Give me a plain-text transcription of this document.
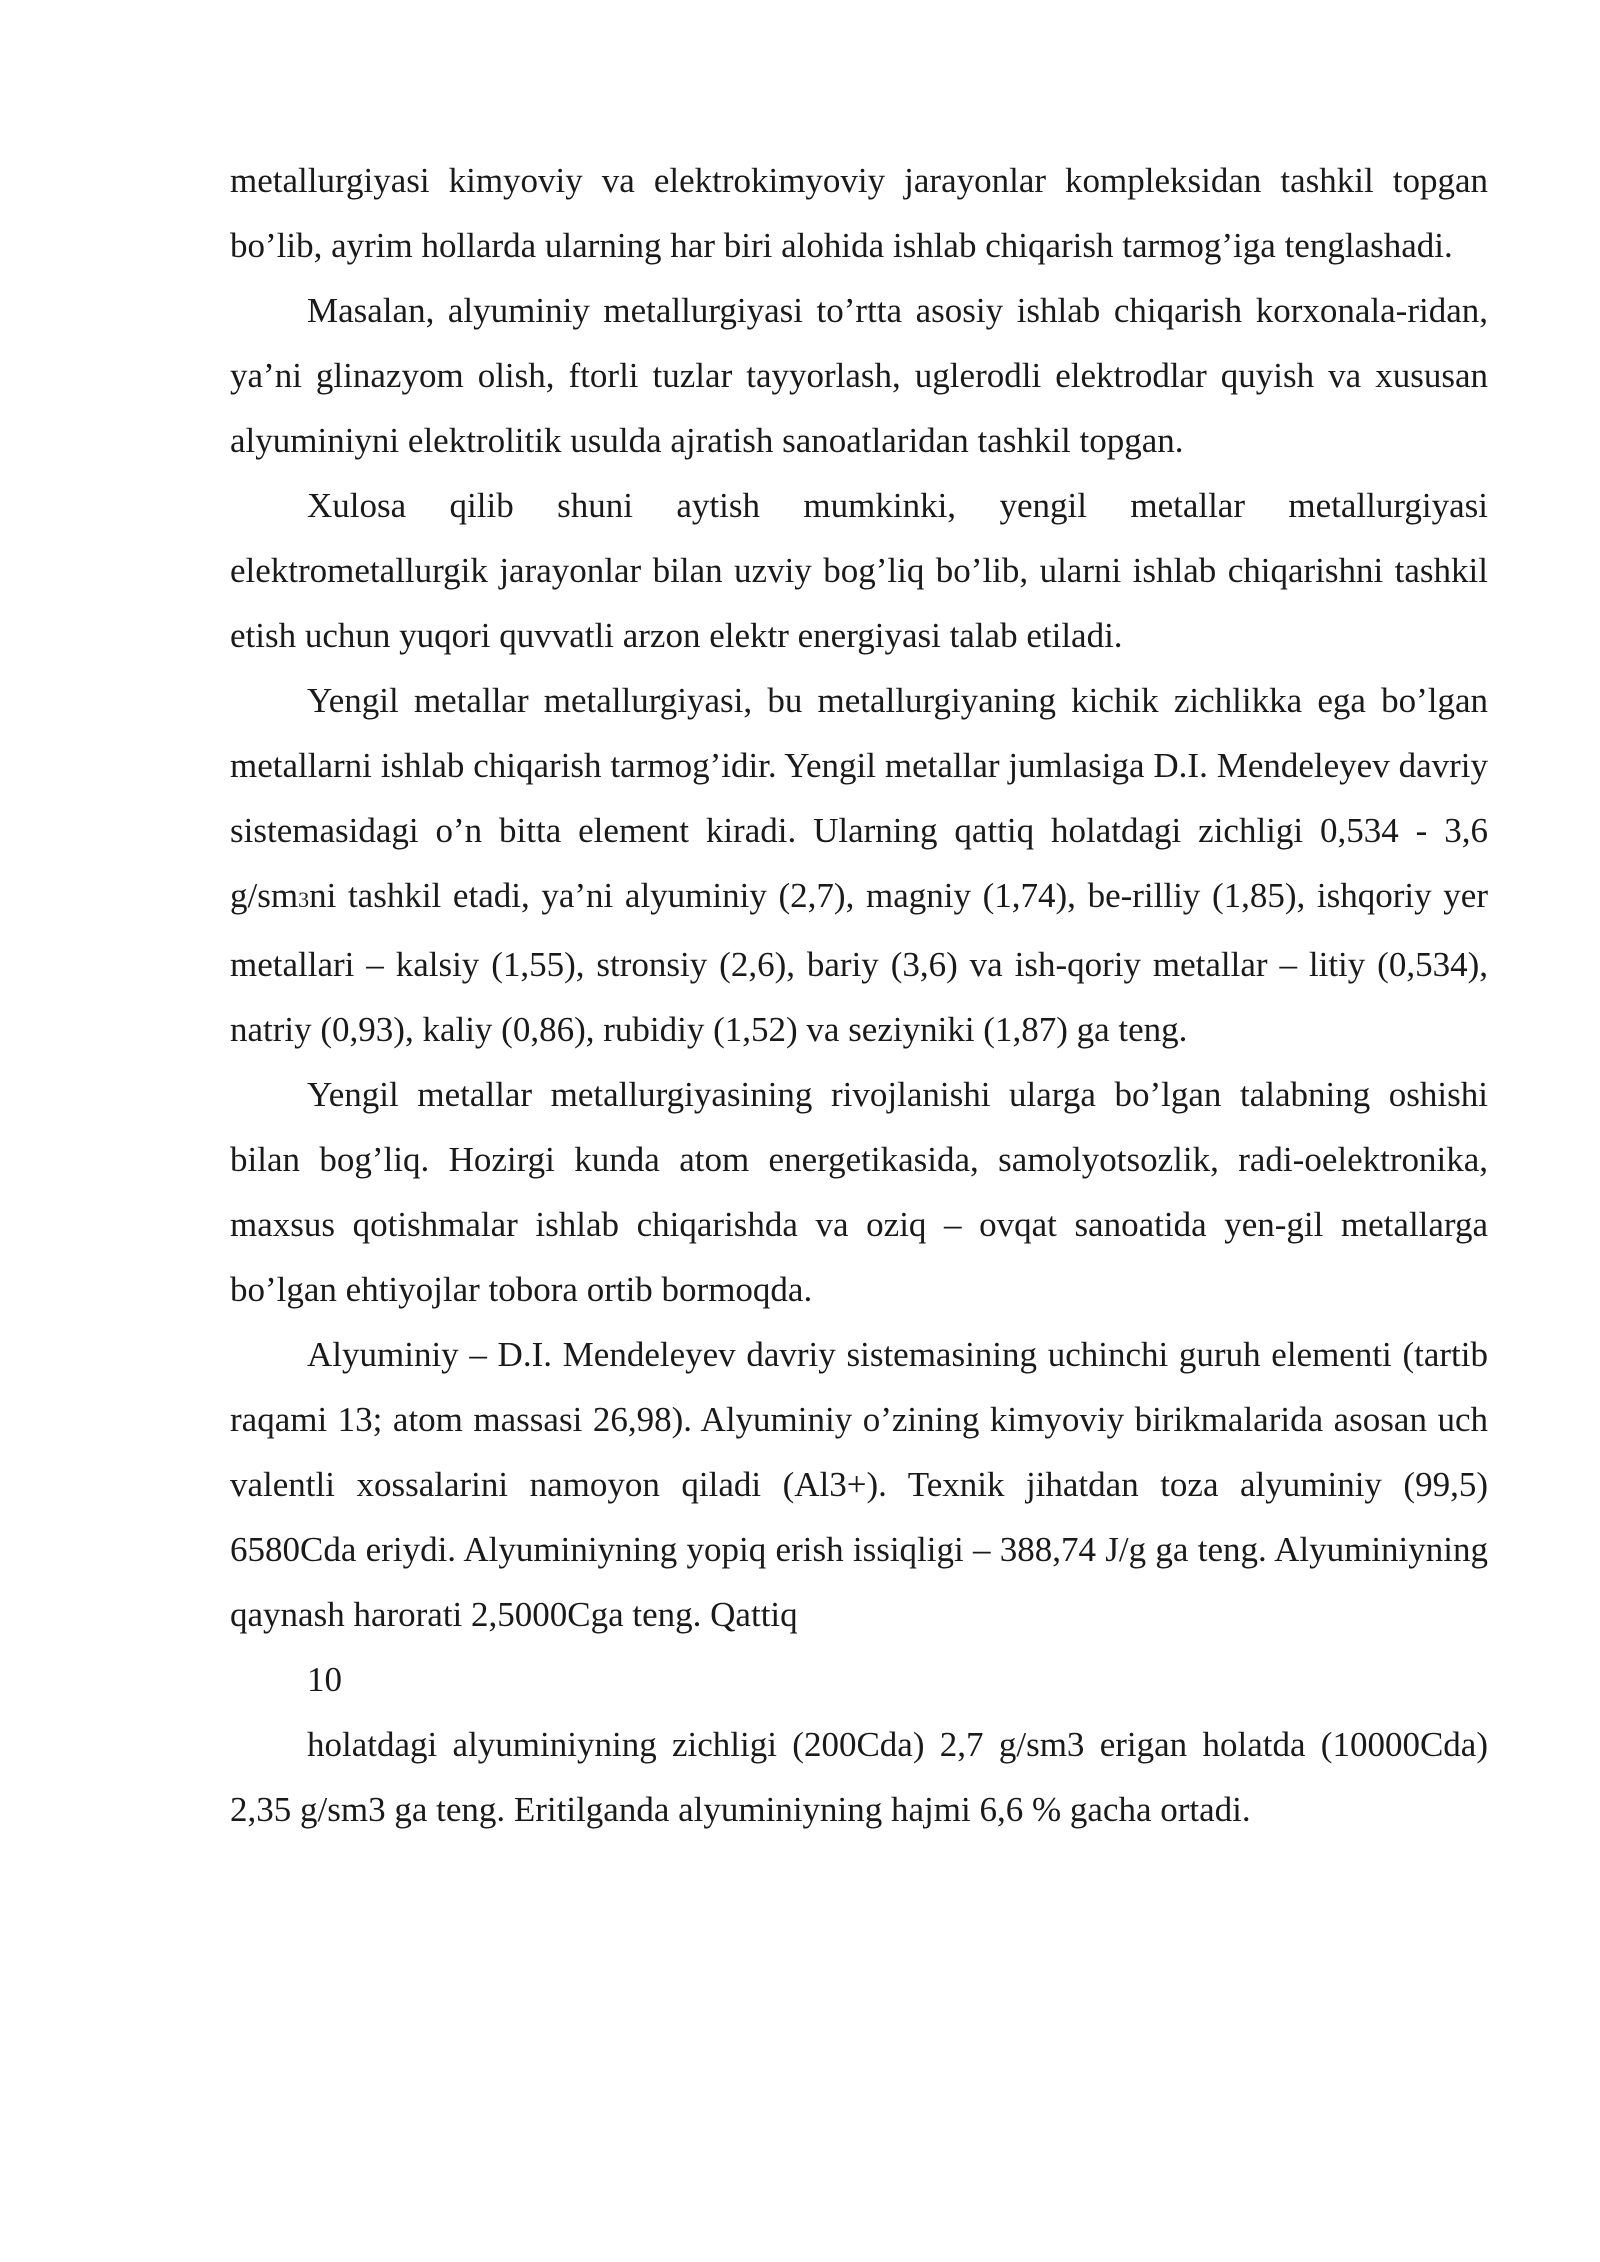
metallurgiyasi kimyoviy va elektrokimyoviy jarayonlar kompleksidan tashkil topgan bo’lib, ayrim hollarda ularning har biri alohida ishlab chiqarish tarmog’iga tenglashadi.

Masalan, alyuminiy metallurgiyasi to’rtta asosiy ishlab chiqarish korxonala-ridan, ya’ni glinazyom olish, ftorli tuzlar tayyorlash, uglerodli elektrodlar quyish va xususan alyuminiyni elektrolitik usulda ajratish sanoatlaridan tashkil topgan.

Xulosa qilib shuni aytish mumkinki, yengil metallar metallurgiyasi elektrometallurgik jarayonlar bilan uzviy bog’liq bo’lib, ularni ishlab chiqarishni tashkil etish uchun yuqori quvvatli arzon elektr energiyasi talab etiladi.

Yengil metallar metallurgiyasi, bu metallurgiyaning kichik zichlikka ega bo’lgan metallarni ishlab chiqarish tarmog’idir. Yengil metallar jumlasiga D.I. Mendeleyev davriy sistemasidagi o’n bitta element kiradi. Ularning qattiq holatdagi zichligi 0,534 - 3,6 g/sm3ni tashkil etadi, ya’ni alyuminiy (2,7), magniy (1,74), be-rilliy (1,85), ishqoriy yer metallari – kalsiy (1,55), stronsiy (2,6), bariy (3,6) va ish-qoriy metallar – litiy (0,534), natriy (0,93), kaliy (0,86), rubidiy (1,52) va seziyniki (1,87) ga teng.

Yengil metallar metallurgiyasining rivojlanishi ularga bo’lgan talabning oshishi bilan bog’liq. Hozirgi kunda atom energetikasida, samolyotsozlik, radi-oelektronika, maxsus qotishmalar ishlab chiqarishda va oziq – ovqat sanoatida yen-gil metallarga bo’lgan ehtiyojlar tobora ortib bormoqda.

Alyuminiy – D.I. Mendeleyev davriy sistemasining uchinchi guruh elementi (tartib raqami 13; atom massasi 26,98). Alyuminiy o’zining kimyoviy birikmalarida asosan uch valentli xossalarini namoyon qiladi (Al3+). Texnik jihatdan toza alyuminiy (99,5) 6580Cda eriydi. Alyuminiyning yopiq erish issiqligi – 388,74 J/g ga teng. Alyuminiyning qaynash harorati 2,5000Cga teng. Qattiq

10

holatdagi alyuminiyning zichligi (200Cda) 2,7 g/sm3 erigan holatda (10000Cda) 2,35 g/sm3 ga teng. Eritilganda alyuminiyning hajmi 6,6 % gacha ortadi.
